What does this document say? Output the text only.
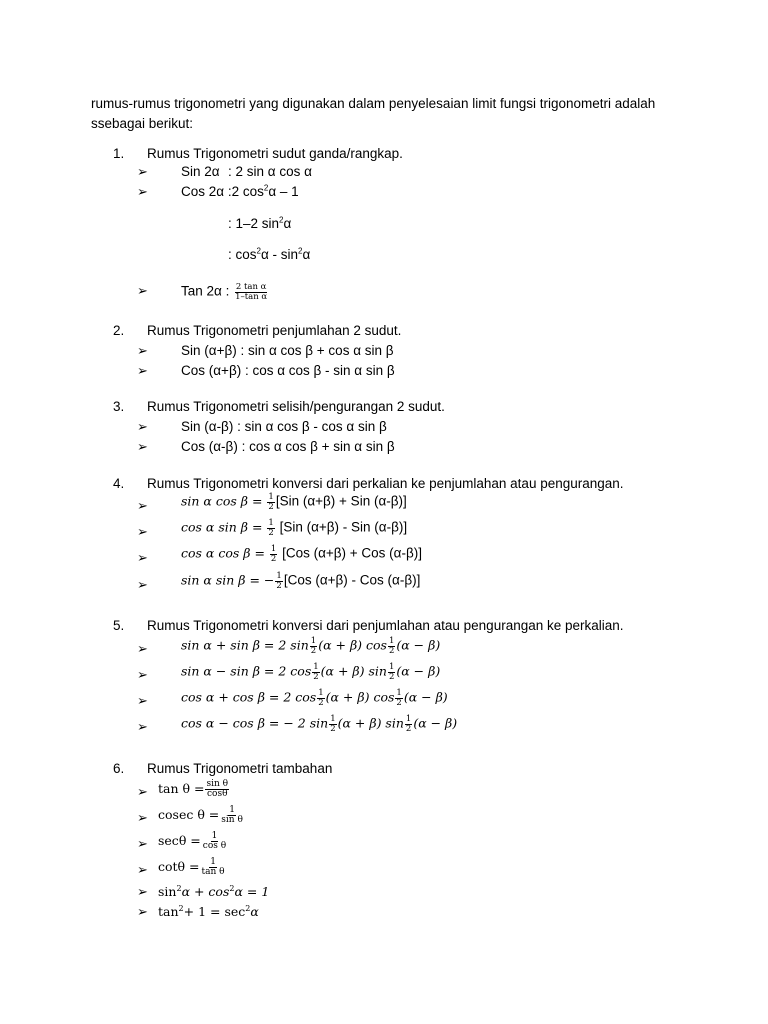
rumus-rumus trigonometri yang digunakan dalam penyelesaian limit fungsi trigonometri adalah ssebagai berikut:
1. Rumus Trigonometri sudut ganda/rangkap.
➢ Sin 2α : 2 sin α cos α
➢ Cos 2α :2 $\cos^2\alpha - 1$
: 1–2 $\sin^2\alpha$
: $\cos^2\alpha - \sin^2\alpha$
➢ Tan 2α : $\frac{\text{2 tan α}}{\text{1–tan α}}$
2. Rumus Trigonometri penjumlahan 2 sudut.
➢ Sin (α+β) : sin α cos β + cos α sin β
➢ Cos (α+β) : cos α cos β - sin α sin β
3. Rumus Trigonometri selisih/pengurangan 2 sudut.
➢ Sin (α-β) : sin α cos β - cos α sin β
➢ Cos (α-β) : cos α cos β + sin α sin β
4. Rumus Trigonometri konversi dari perkalian ke penjumlahan atau pengurangan.
➢	sin α $\cos \beta = \frac{1}{2} [Sin$ (α+β) + Sin (α-β)]
➢	cos α $\sin \beta = \frac{1}{2} [Sin$ (α+β) - Sin (α-β)]
➢	cos α $\cos \beta = \frac{1}{2} [Cos$ (α+β) + Cos (α-β)]
➢	sin α sin β = − $\frac{1}{2} [Cos$ (α+β) - Cos (α-β)]
5. Rumus Trigonometri konversi dari penjumlahan atau pengurangan ke perkalian.
➢	sin α + sin β = 2 $\sin \frac{1}{2} (\alpha + \beta)$ $\cos \frac{1}{2} (\alpha - \beta)$
➢	sin α − sin β = 2 $\cos \frac{1}{2} (\alpha + \beta)$ $\sin \frac{1}{2} (\alpha - \beta)$
➢	cos α + cos β = 2 $\cos \frac{1}{2} (\alpha + \beta)$ $\cos \frac{1}{2} (\alpha - \beta)$
➢	cos α − cos β = − 2 $\sin \frac{1}{2} (\alpha + \beta)$ $\sin \frac{1}{2} (\alpha - \beta)$
6. Rumus Trigonometri tambahan
➢ $\tan \theta = \frac{\text{sin θ}}{\cos\theta}$
➢ cosec $\theta = \frac{1}{\text{sin θ}}$
➢ $\sec\theta = \frac{1}{\text{cos θ}}$
➢ $\cot\theta = \frac{1}{\text{tan θ}}$
➢ $\sin^2\alpha + \cos^2\alpha = 1$
➢ $\tan^2+ 1 = \sec^2\alpha$
